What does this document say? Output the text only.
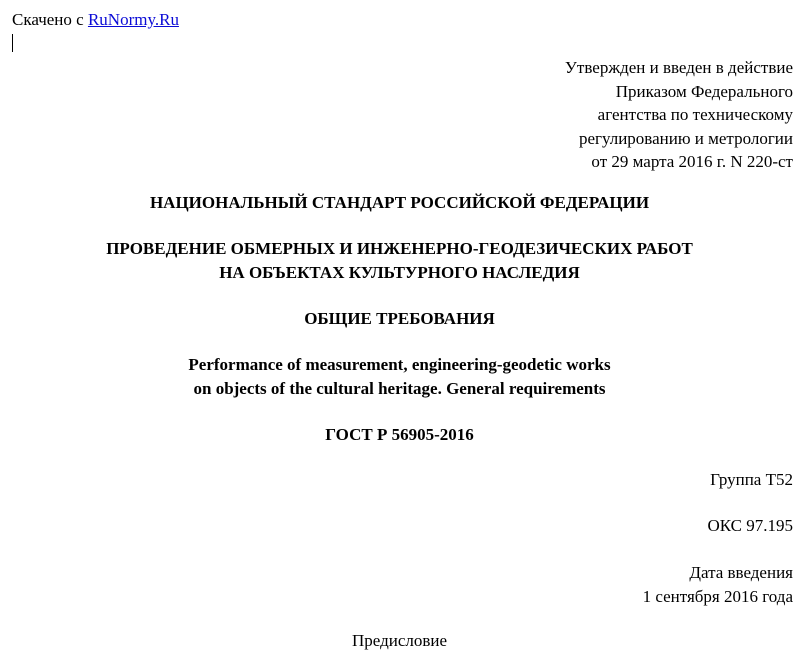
Скачено с RuNormy.Ru
Утвержден и введен в действие
Приказом Федерального
агентства по техническому
регулированию и метрологии
от 29 марта 2016 г. N 220-ст
НАЦИОНАЛЬНЫЙ СТАНДАРТ РОССИЙСКОЙ ФЕДЕРАЦИИ
ПРОВЕДЕНИЕ ОБМЕРНЫХ И ИНЖЕНЕРНО-ГЕОДЕЗИЧЕСКИХ РАБОТ
НА ОБЪЕКТАХ КУЛЬТУРНОГО НАСЛЕДИЯ
ОБЩИЕ ТРЕБОВАНИЯ
Performance of measurement, engineering-geodetic works
on objects of the cultural heritage. General requirements
ГОСТ Р 56905-2016
Группа Т52
ОКС 97.195
Дата введения
1 сентября 2016 года
Предисловие
